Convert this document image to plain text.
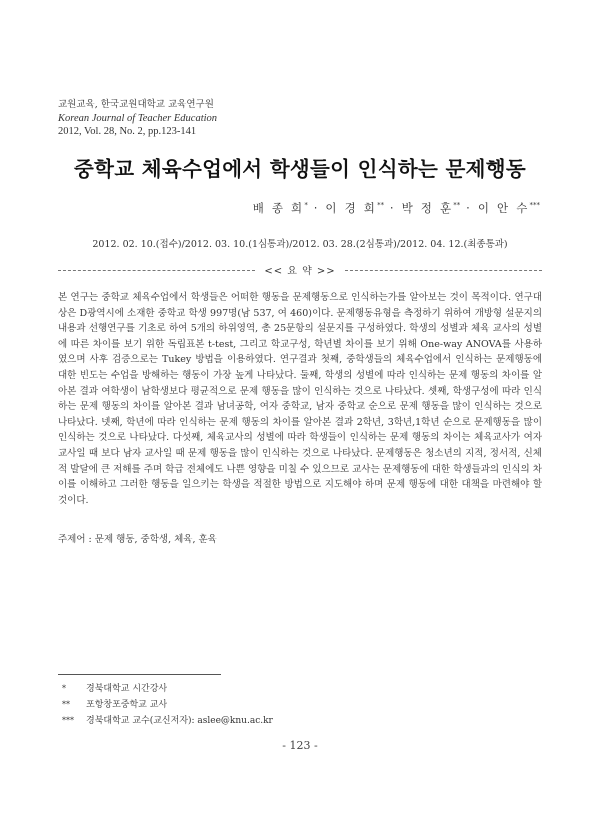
교원교육, 한국교원대학교 교육연구원
Korean Journal of Teacher Education
2012, Vol. 28, No. 2, pp.123-141
중학교 체육수업에서 학생들이 인식하는 문제행동
배 종 희* · 이 경 희** · 박 정 훈** · 이 안 수***
2012. 02. 10.(접수)/2012. 03. 10.(1심통과)/2012. 03. 28.(2심통과)/2012. 04. 12.(최종통과)
<< 요 약 >>

본 연구는 중학교 체육수업에서 학생들은 어떠한 행동을 문제행동으로 인식하는가를 알아보는 것이 목적이다. 연구대상은 D광역시에 소재한 중학교 학생 997명(남 537, 여 460)이다. 문제행동유형을 측정하기 위하여 개방형 설문지의 내용과 선행연구를 기초로 하여 5개의 하위영역, 총 25문항의 설문지를 구성하였다. 학생의 성별과 체육 교사의 성별에 따른 차이를 보기 위한 독립표본 t-test, 그리고 학교구성, 학년별 차이를 보기 위해 One-way ANOVA를 사용하였으며 사후 검증으로는 Tukey 방법을 이용하였다. 연구결과 첫째, 중학생들의 체육수업에서 인식하는 문제행동에 대한 빈도는 수업을 방해하는 행동이 가장 높게 나타났다. 둘째, 학생의 성별에 따라 인식하는 문제 행동의 차이를 알아본 결과 여학생이 남학생보다 평균적으로 문제 행동을 많이 인식하는 것으로 나타났다. 셋째, 학생구성에 따라 인식하는 문제 행동의 차이를 알아본 결과 남녀공학, 여자 중학교, 남자 중학교 순으로 문제 행동을 많이 인식하는 것으로 나타났다. 넷째, 학년에 따라 인식하는 문제 행동의 차이를 알아본 결과 2학년, 3학년,1학년 순으로 문제행동을 많이 인식하는 것으로 나타났다. 다섯째, 체육교사의 성별에 따라 학생들이 인식하는 문제 행동의 차이는 체육교사가 여자 교사일 때 보다 남자 교사일 때 문제 행동을 많이 인식하는 것으로 나타났다. 문제행동은 청소년의 지적, 정서적, 신체적 발달에 큰 저해를 주며 학급 전체에도 나쁜 영향을 미칠 수 있으므로 교사는 문제행동에 대한 학생들과의 인식의 차이를 이해하고 그러한 행동을 일으키는 학생을 적절한 방법으로 지도해야 하며 문제 행동에 대한 대책을 마련해야 할 것이다.

주제어 : 문제 행동, 중학생, 체육, 훈육

* 경북대학교 시간강사
** 포항창포중학교 교사
*** 경북대학교 교수(교신저자): aslee@knu.ac.kr
- 123 -
